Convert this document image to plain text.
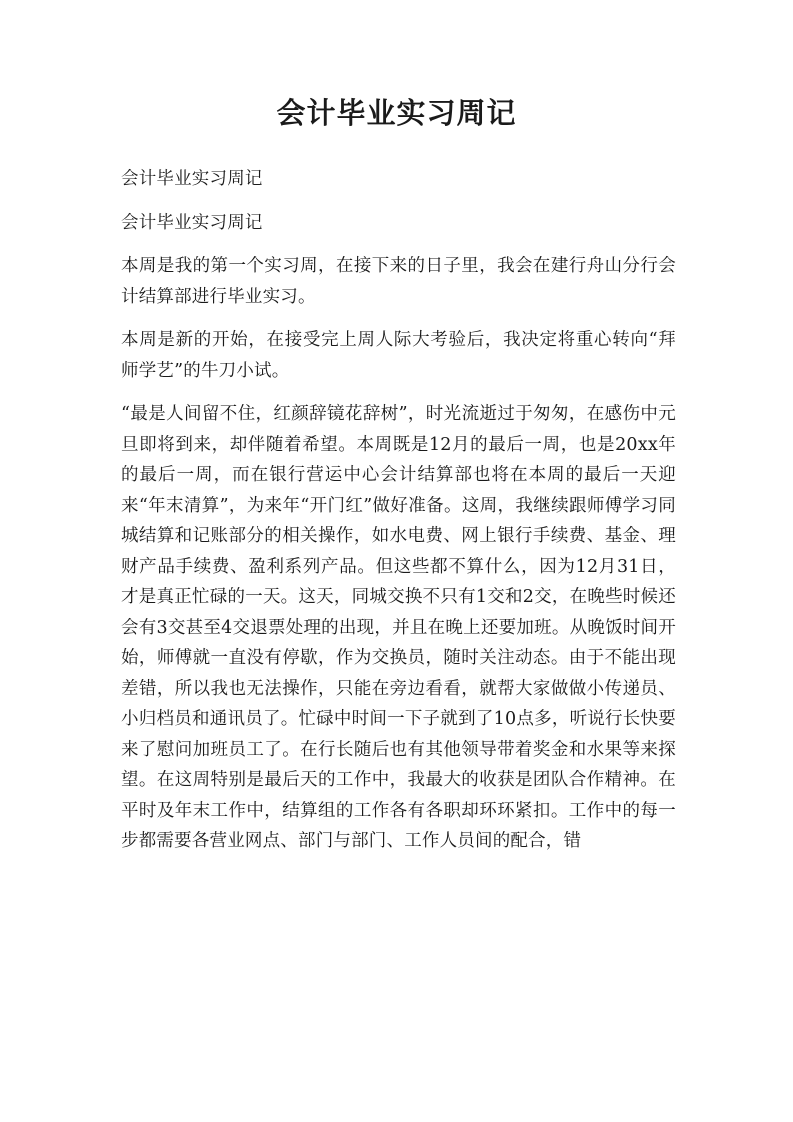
会计毕业实习周记

会计毕业实习周记

会计毕业实习周记

本周是我的第一个实习周，在接下来的日子里，我会在建行舟山分行会计结算部进行毕业实习。

本周是新的开始，在接受完上周人际大考验后，我决定将重心转向“拜师学艺”的牛刀小试。

“最是人间留不住，红颜辞镜花辞树”，时光流逝过于匆匆，在感伤中元旦即将到来，却伴随着希望。本周既是12月的最后一周，也是20xx年的最后一周，而在银行营运中心会计结算部也将在本周的最后一天迎来“年末清算”，为来年“开门红”做好准备。这周，我继续跟师傅学习同城结算和记账部分的相关操作，如水电费、网上银行手续费、基金、理财产品手续费、盈利系列产品。但这些都不算什么，因为12月31日，才是真正忙碌的一天。这天，同城交换不只有1交和2交，在晚些时候还会有3交甚至4交退票处理的出现，并且在晚上还要加班。从晚饭时间开始，师傅就一直没有停歇，作为交换员，随时关注动态。由于不能出现差错，所以我也无法操作，只能在旁边看看，就帮大家做做小传递员、小归档员和通讯员了。忙碌中时间一下子就到了10点多，听说行长快要来了慰问加班员工了。在行长随后也有其他领导带着奖金和水果等来探望。在这周特别是最后天的工作中，我最大的收获是团队合作精神。在平时及年末工作中，结算组的工作各有各职却环环紧扣。工作中的每一步都需要各营业网点、部门与部门、工作人员间的配合，错
